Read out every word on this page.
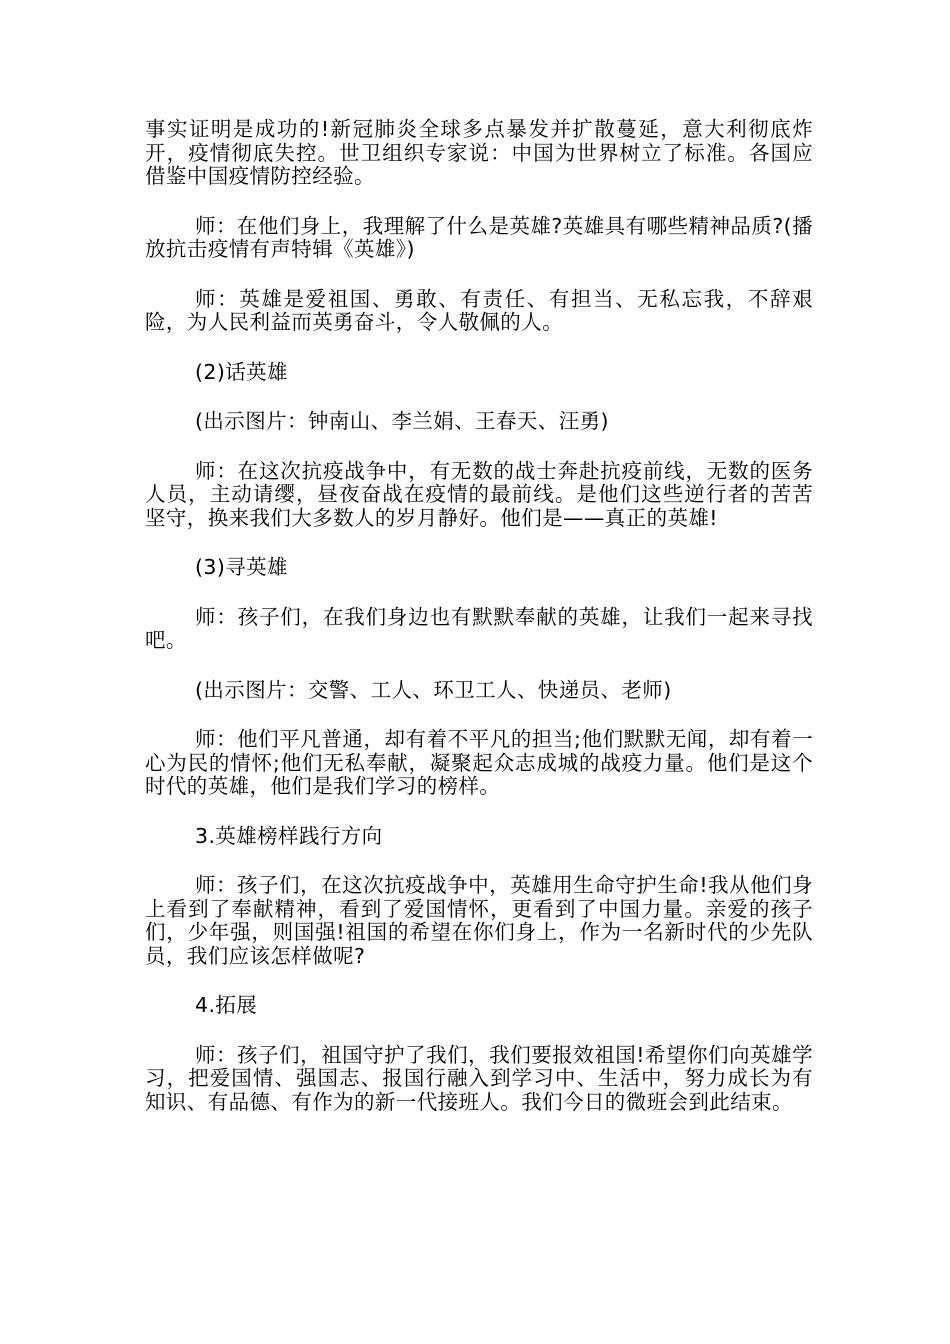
事实证明是成功的!新冠肺炎全球多点暴发并扩散蔓延，意大利彻底炸开，疫情彻底失控。世卫组织专家说：中国为世界树立了标准。各国应借鉴中国疫情防控经验。

师：在他们身上，我理解了什么是英雄?英雄具有哪些精神品质?(播放抗击疫情有声特辑《英雄》)

师：英雄是爱祖国、勇敢、有责任、有担当、无私忘我，不辞艰险，为人民利益而英勇奋斗，令人敬佩的人。

(2)话英雄

(出示图片：钟南山、李兰娟、王春天、汪勇)

师：在这次抗疫战争中，有无数的战士奔赴抗疫前线，无数的医务人员，主动请缨，昼夜奋战在疫情的最前线。是他们这些逆行者的苦苦坚守，换来我们大多数人的岁月静好。他们是——真正的英雄!

(3)寻英雄

师：孩子们，在我们身边也有默默奉献的英雄，让我们一起来寻找吧。

(出示图片：交警、工人、环卫工人、快递员、老师)

师：他们平凡普通，却有着不平凡的担当;他们默默无闻，却有着一心为民的情怀;他们无私奉献，凝聚起众志成城的战疫力量。他们是这个时代的英雄，他们是我们学习的榜样。

3.英雄榜样践行方向

师：孩子们，在这次抗疫战争中，英雄用生命守护生命!我从他们身上看到了奉献精神，看到了爱国情怀，更看到了中国力量。亲爱的孩子们，少年强，则国强!祖国的希望在你们身上，作为一名新时代的少先队员，我们应该怎样做呢?

4.拓展

师：孩子们，祖国守护了我们，我们要报效祖国!希望你们向英雄学习，把爱国情、强国志、报国行融入到学习中、生活中，努力成长为有知识、有品德、有作为的新一代接班人。我们今日的微班会到此结束。
